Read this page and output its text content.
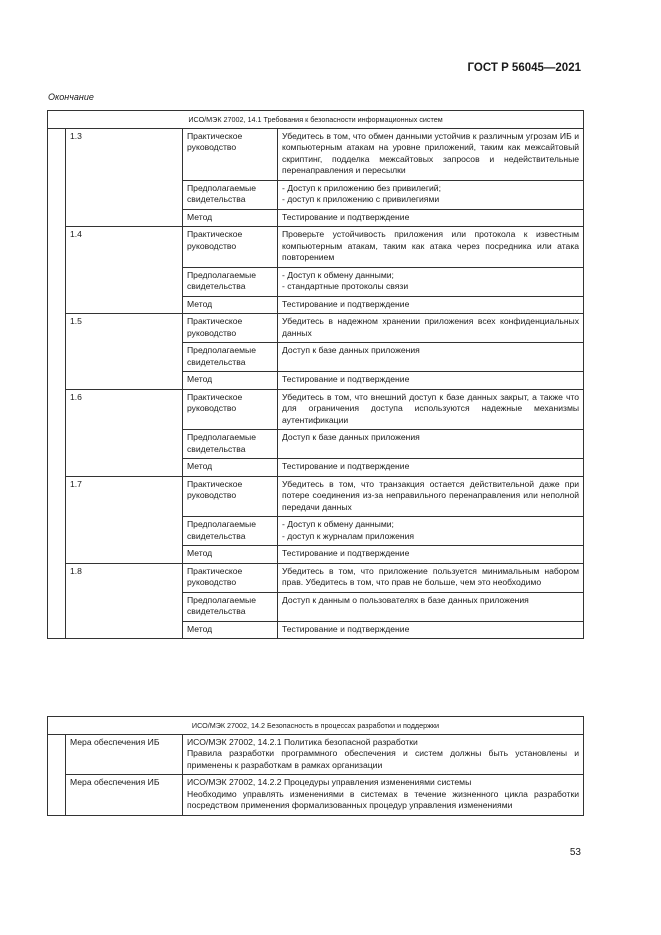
ГОСТ Р 56045—2021
Окончание
ИСО/МЭК 27002, 14.1 Требования к безопасности информационных систем			
	1.3	Практическое руководство	Убедитесь в том, что обмен данными устойчив к различным угрозам ИБ и компьютерным атакам на уровне приложений, таким как межсайтовый скриптинг, подделка межсайтовых запросов и недействительные перенаправления и пересылки
		Предполагаемые свидетельства	- Доступ к приложению без привилегий;
- доступ к приложению с привилегиями

		Метод	Тестирование и подтверждение
	1.4	Практическое руководство	Проверьте устойчивость приложения или протокола к известным компьютерным атакам, таким как атака через посредника или атака повторением
		Предполагаемые свидетельства	- Доступ к обмену данными;
- стандартные протоколы связи

		Метод	Тестирование и подтверждение
	1.5	Практическое руководство	Убедитесь в надежном хранении приложения всех конфиденциальных данных
		Предполагаемые свидетельства	Доступ к базе данных приложения
		Метод	Тестирование и подтверждение
	1.6	Практическое руководство	Убедитесь в том, что внешний доступ к базе данных закрыт, а также что для ограничения доступа используются надежные механизмы аутентификации
		Предполагаемые свидетельства	Доступ к базе данных приложения
		Метод	Тестирование и подтверждение
	1.7	Практическое руководство	Убедитесь в том, что транзакция остается действительной даже при потере соединения из-за неправильного перенаправления или неполной передачи данных
		Предполагаемые свидетельства	- Доступ к обмену данными;
- доступ к журналам приложения

		Метод	Тестирование и подтверждение
	1.8	Практическое руководство	Убедитесь в том, что приложение пользуется минимальным набором прав. Убедитесь в том, что прав не больше, чем это необходимо
		Предполагаемые свидетельства	Доступ к данным о пользователях в базе данных приложения
		Метод	Тестирование и подтверждение
ИСО/МЭК 27002, 14.2 Безопасность в процессах разработки и поддержки		
	Мера обеспечения ИБ	ИСО/МЭК 27002, 14.2.1 Политика безопасной разработки
Правила разработки программного обеспечения и систем должны быть установлены и применены к разработкам в рамках организации

	Мера обеспечения ИБ	ИСО/МЭК 27002, 14.2.2 Процедуры управления изменениями системы
Необходимо управлять изменениями в системах в течение жизненного цикла разработки посредством применения формализованных процедур управления изменениями
53
